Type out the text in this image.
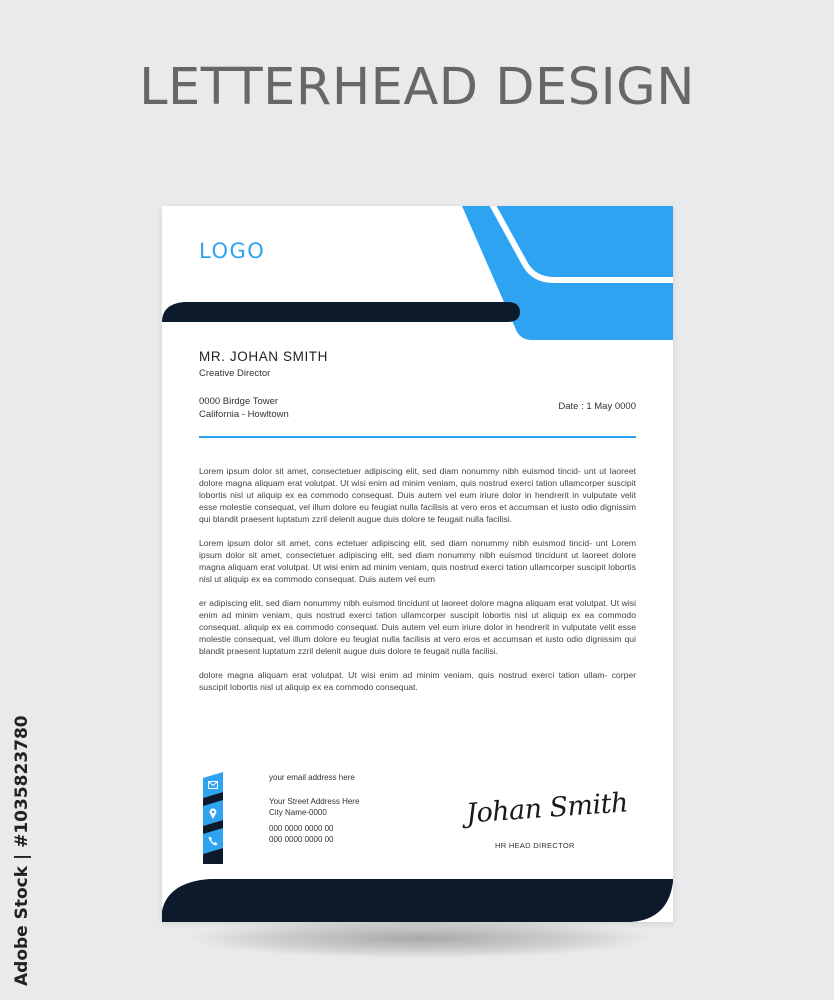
LETTERHEAD DESIGN
Adobe Stock | #1035823780
LOGO
MR. JOHAN SMITH
Creative Director
0000 Birdge Tower
California - Howltown
Date : 1 May 0000

Lorem ipsum dolor sit amet, consectetuer adipiscing elit, sed diam nonummy nibh euismod tincid- unt ut laoreet dolore magna aliquam erat volutpat. Ut wisi enim ad minim veniam, quis nostrud exerci tation ullamcorper suscipit lobortis nisl ut aliquip ex ea commodo consequat. Duis autem vel eum iriure dolor in hendrerit in vulputate velit esse molestie consequat, vel illum dolore eu feugiat nulla facilisis at vero eros et accumsan et iusto odio dignissim qui blandit praesent luptatum zzril delenit augue duis dolore te feugait nulla facilisi.

Lorem ipsum dolor sit amet, cons ectetuer adipiscing elit, sed diam nonummy nibh euismod tincid- unt Lorem ipsum dolor sit amet, consectetuer adipiscing elit, sed diam nonummy nibh euismod tincidunt ut laoreet dolore magna aliquam erat volutpat. Ut wisi enim ad minim veniam, quis nostrud exerci tation ullamcorper suscipit lobortis nisl ut aliquip ex ea commodo consequat. Duis autem vel eum

er adipiscing elit, sed diam nonummy nibh euismod tincidunt ut laoreet dolore magna aliquam erat volutpat. Ut wisi enim ad minim veniam, quis nostrud exerci tation ullamcorper suscipit lobortis nisl ut aliquip ex ea commodo consequat. aliquip ex ea commodo consequat. Duis autem vel eum iriure dolor in hendrerit in vulputate velit esse molestie consequat, vel illum dolore eu feugiat nulla facilisis at vero eros et accumsan et iusto odio dignissim qui blandit praesent luptatum zzril delenit augue duis dolore te feugait nulla facilisi.

dolore magna aliquam erat volutpat. Ut wisi enim ad minim veniam, quis nostrud exerci tation ullam- corper suscipit lobortis nisl ut aliquip ex ea commodo consequat.

your email address here
Your Street Address Here
City Name-0000
000 0000 0000 00
000 0000 0000 00
Johan Smith
HR HEAD DIRECTOR
